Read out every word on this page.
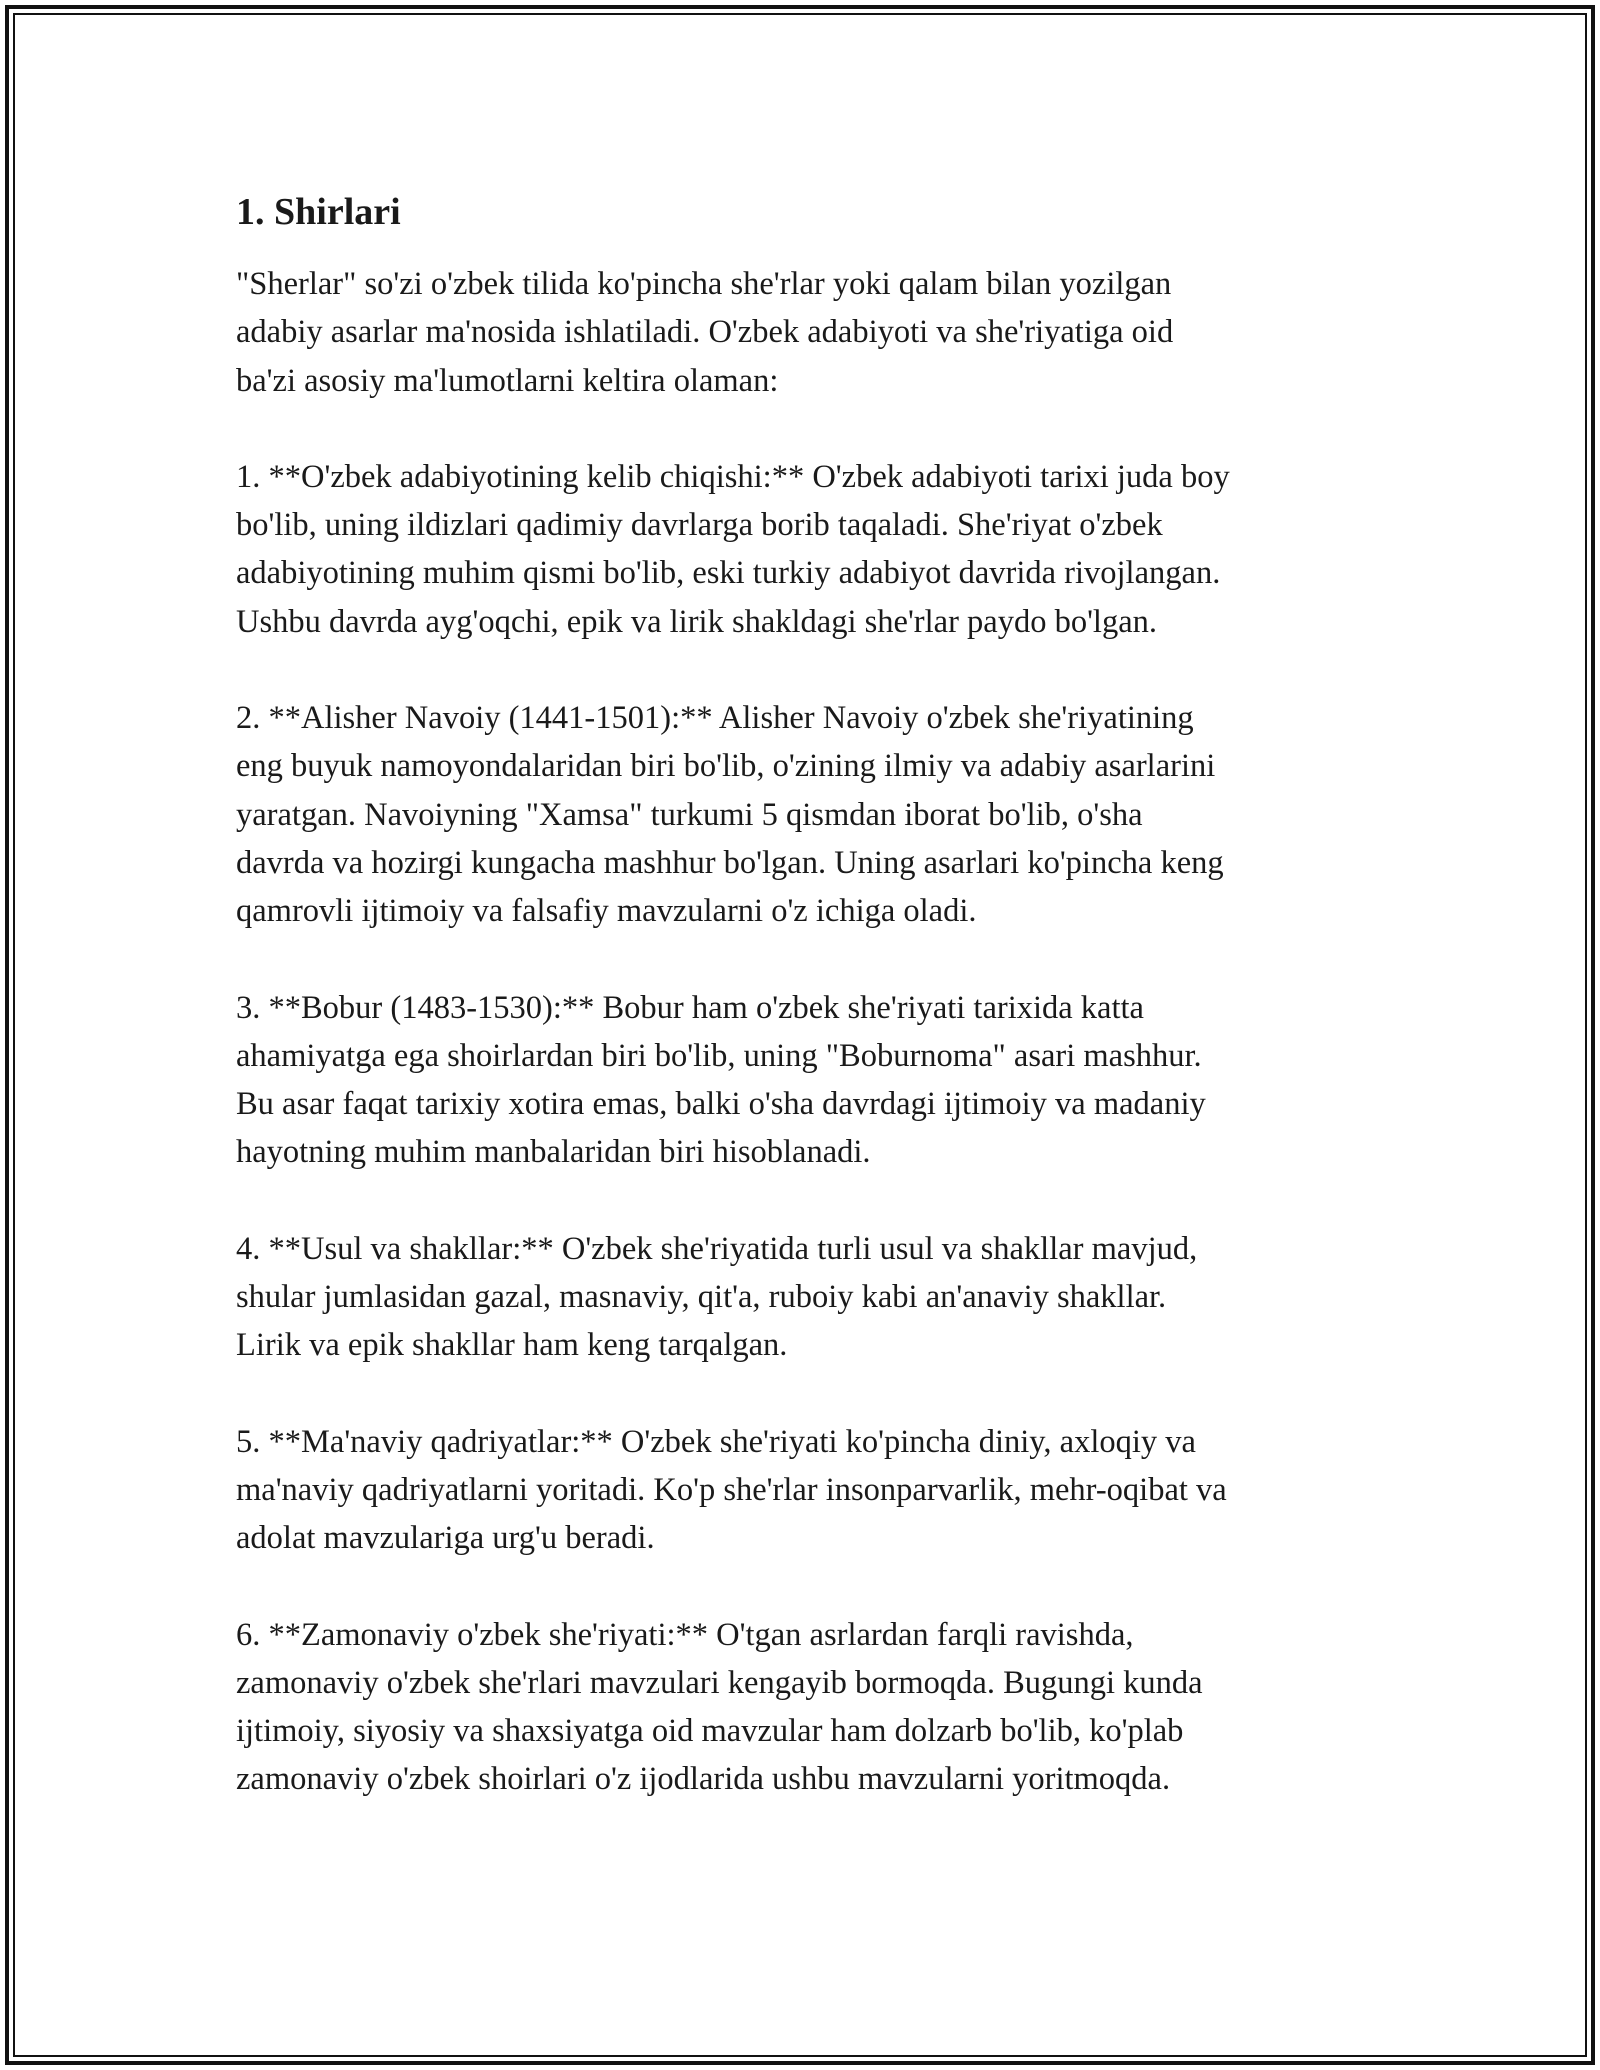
1. Shirlari

"Sherlar" so'zi o'zbek tilida ko'pincha she'rlar yoki qalam bilan yozilgan
adabiy asarlar ma'nosida ishlatiladi. O'zbek adabiyoti va she'riyatiga oid
ba'zi asosiy ma'lumotlarni keltira olaman:

1. **O'zbek adabiyotining kelib chiqishi:** O'zbek adabiyoti tarixi juda boy
bo'lib, uning ildizlari qadimiy davrlarga borib taqaladi. She'riyat o'zbek
adabiyotining muhim qismi bo'lib, eski turkiy adabiyot davrida rivojlangan.
Ushbu davrda ayg'oqchi, epik va lirik shakldagi she'rlar paydo bo'lgan.

2. **Alisher Navoiy (1441-1501):** Alisher Navoiy o'zbek she'riyatining
eng buyuk namoyondalaridan biri bo'lib, o'zining ilmiy va adabiy asarlarini
yaratgan. Navoiyning "Xamsa" turkumi 5 qismdan iborat bo'lib, o'sha
davrda va hozirgi kungacha mashhur bo'lgan. Uning asarlari ko'pincha keng
qamrovli ijtimoiy va falsafiy mavzularni o'z ichiga oladi.

3. **Bobur (1483-1530):** Bobur ham o'zbek she'riyati tarixida katta
ahamiyatga ega shoirlardan biri bo'lib, uning "Boburnoma" asari mashhur.
Bu asar faqat tarixiy xotira emas, balki o'sha davrdagi ijtimoiy va madaniy
hayotning muhim manbalaridan biri hisoblanadi.

4. **Usul va shakllar:** O'zbek she'riyatida turli usul va shakllar mavjud,
shular jumlasidan gazal, masnaviy, qit'a, ruboiy kabi an'anaviy shakllar.
Lirik va epik shakllar ham keng tarqalgan.

5. **Ma'naviy qadriyatlar:** O'zbek she'riyati ko'pincha diniy, axloqiy va
ma'naviy qadriyatlarni yoritadi. Ko'p she'rlar insonparvarlik, mehr-oqibat va
adolat mavzulariga urg'u beradi.

6. **Zamonaviy o'zbek she'riyati:** O'tgan asrlardan farqli ravishda,
zamonaviy o'zbek she'rlari mavzulari kengayib bormoqda. Bugungi kunda
ijtimoiy, siyosiy va shaxsiyatga oid mavzular ham dolzarb bo'lib, ko'plab
zamonaviy o'zbek shoirlari o'z ijodlarida ushbu mavzularni yoritmoqda.
